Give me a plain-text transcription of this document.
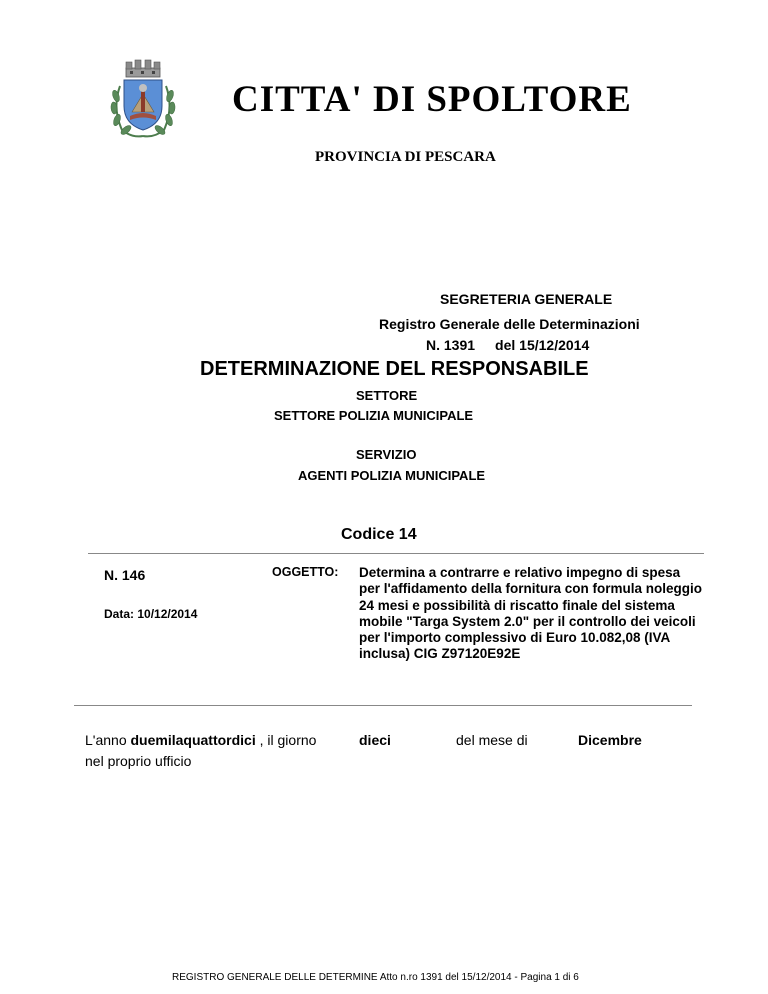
CITTA' DI SPOLTORE
PROVINCIA DI PESCARA
SEGRETERIA GENERALE
Registro Generale delle Determinazioni
N. 1391 del 15/12/2014
DETERMINAZIONE DEL RESPONSABILE
SETTORE
SETTORE POLIZIA MUNICIPALE
SERVIZIO
AGENTI POLIZIA MUNICIPALE
Codice 14
N. 146
Data: 10/12/2014
OGGETTO: Determina a contrarre e relativo impegno di spesa per l'affidamento della fornitura con formula noleggio 24 mesi e possibilità di riscatto finale del sistema mobile "Targa System 2.0" per il controllo dei veicoli per l'importo complessivo di Euro 10.082,08 (IVA inclusa) CIG Z97120E92E
L'anno duemilaquattordici , il giorno	dieci	del mese di	Dicembre
nel proprio ufficio
REGISTRO GENERALE DELLE DETERMINE Atto n.ro 1391 del 15/12/2014 - Pagina 1 di 6
